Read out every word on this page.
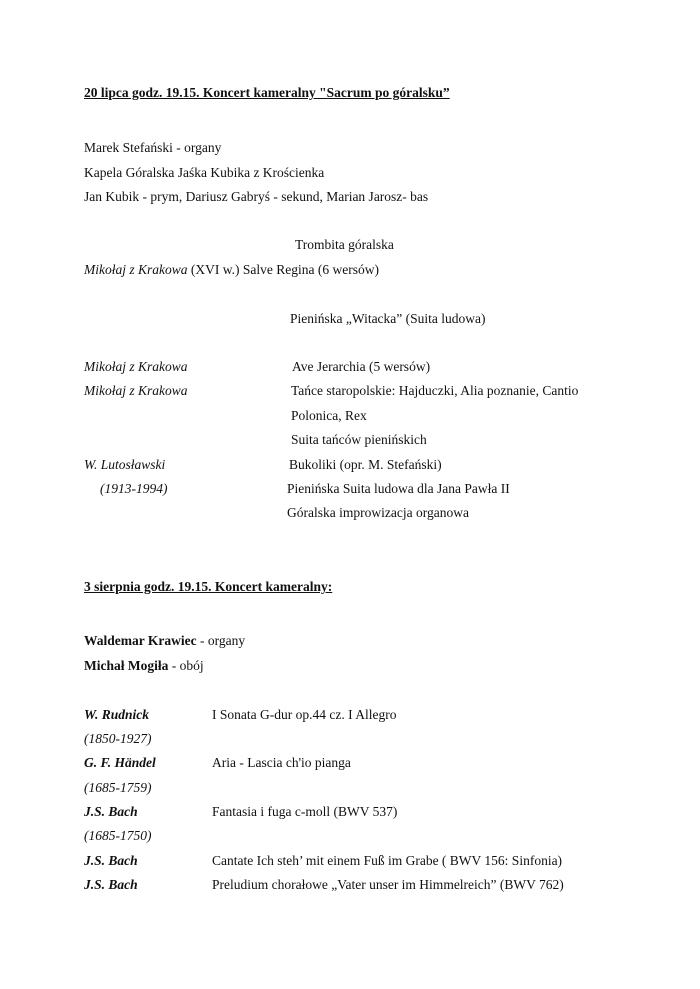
20 lipca godz. 19.15. Koncert kameralny "Sacrum po góralsku”
Marek Stefański - organy
Kapela Góralska Jaśka Kubika z Krościenka
Jan Kubik - prym, Dariusz Gabryś - sekund, Marian Jarosz- bas
Trombita góralska
Mikołaj z Krakowa (XVI w.) Salve Regina (6 wersów)
Pienińska „Witacka” (Suita ludowa)
Mikołaj z Krakowa	Ave Jerarchia (5 wersów)
Mikołaj z Krakowa	Tańce staropolskie: Hajduczki, Alia poznanie, Cantio
Polonica, Rex
Suita tańców pienińskich
W. Lutosławski	Bukoliki (opr. M. Stefański)
(1913-1994)	Pienińska Suita ludowa dla Jana Pawła II
Góralska improwizacja organowa
3 sierpnia godz. 19.15. Koncert kameralny:
Waldemar Krawiec - organy
Michał Mogiła - obój
W. Rudnick	I Sonata G-dur op.44 cz. I Allegro
(1850-1927)
G. F. Händel	Aria - Lascia ch'io pianga
(1685-1759)
J.S. Bach	Fantasia i fuga c-moll (BWV 537)
(1685-1750)
J.S. Bach	Cantate Ich steh’ mit einem Fuß im Grabe ( BWV 156: Sinfonia)
J.S. Bach	Preludium chorałowe „Vater unser im Himmelreich” (BWV 762)
